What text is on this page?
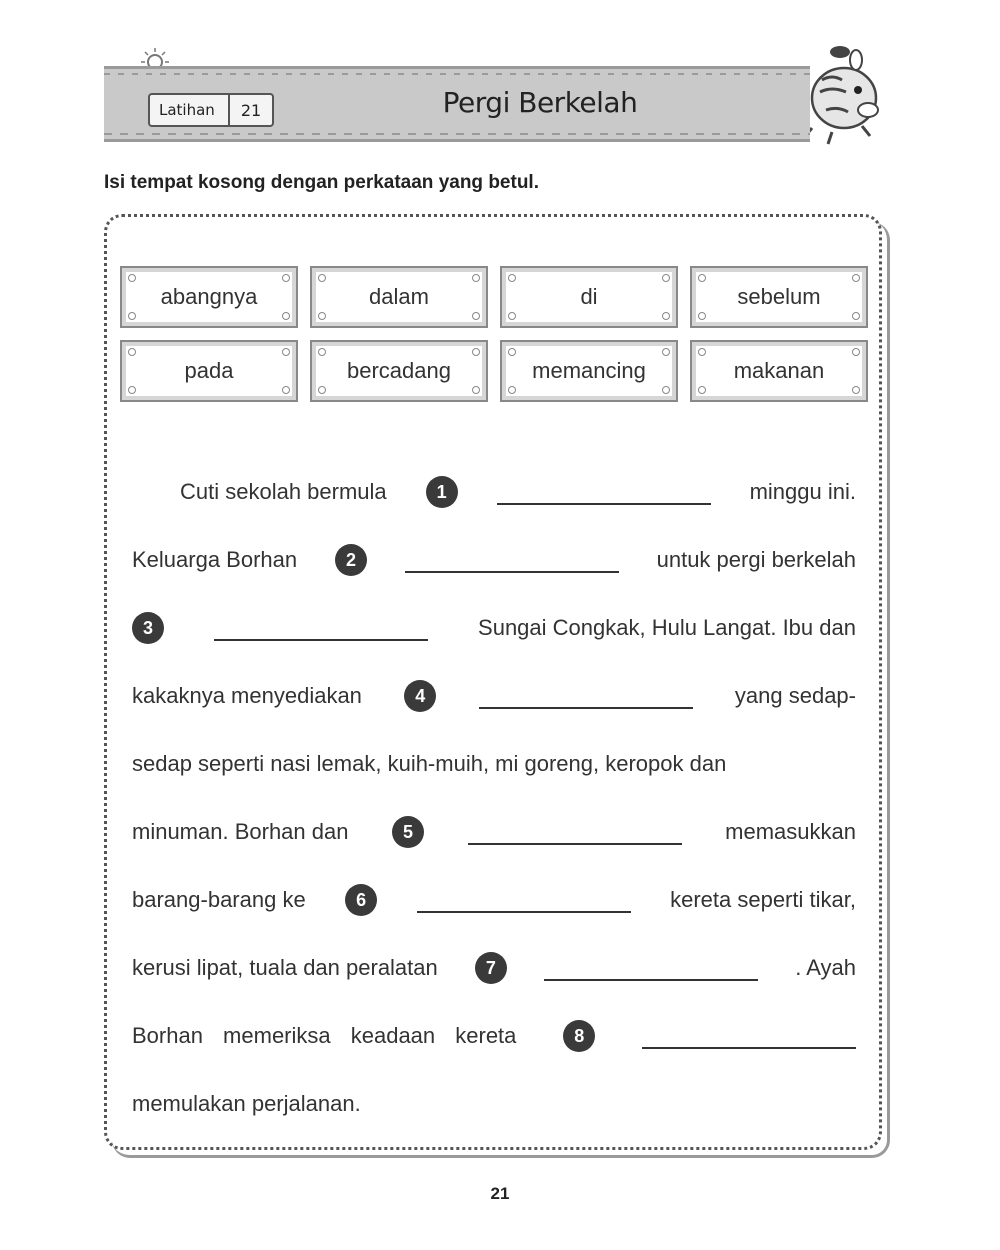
Latihan	21	Pergi Berkelah
Isi tempat kosong dengan perkataan yang betul.
abangnya	dalam	di	sebelum
pada	bercadang	memancing	makanan
Cuti sekolah bermula	1	minggu ini.
Keluarga Borhan	2	untuk pergi berkelah
3	Sungai Congkak, Hulu Langat. Ibu dan
kakaknya menyediakan	4	yang sedap-
sedap seperti nasi lemak, kuih-muih, mi goreng, keropok dan
minuman. Borhan dan	5	memasukkan
barang-barang ke	6	kereta seperti tikar,
kerusi lipat, tuala dan peralatan	7	. Ayah
Borhan memeriksa keadaan kereta	8
memulakan perjalanan.
21
